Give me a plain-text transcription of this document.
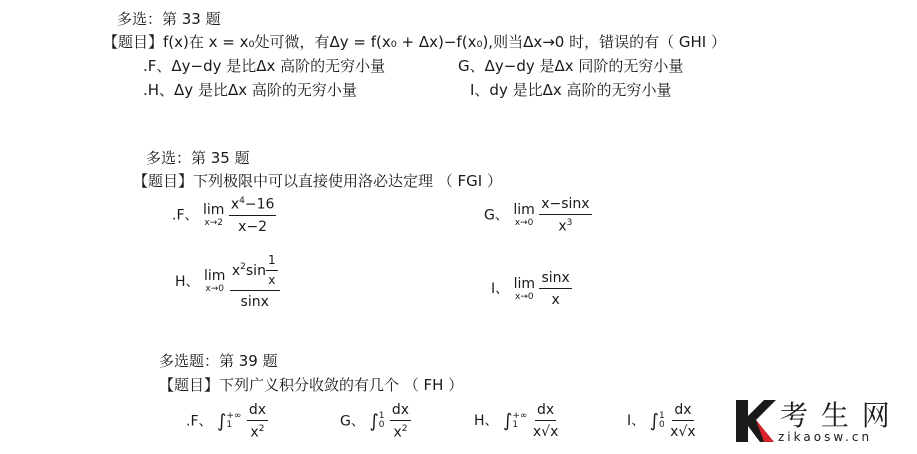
多选：第 33 题
【题目】f(x)在 x = x₀处可微，有Δy = f(x₀ + Δx)−f(x₀),则当Δx→0 时，错误的有（ GHI ）
.F、Δy−dy 是比Δx 高阶的无穷小量	G、Δy−dy 是Δx 同阶的无穷小量
.H、Δy 是比Δx 高阶的无穷小量	I、dy 是比Δx 高阶的无穷小量
多选：第 35 题
【题目】下列极限中可以直接使用洛必达定理 （ FGI ）
.F、 lim
x→2
$\frac{x^4-16}{x-2}$	G、 lim
x→0
$\frac{x-\sin x}{x^3}$
H、 lim
x→0
$\frac{x^2\sin \frac{1}{x}}{\sin x}$	I、 lim
x→0
$\frac{\sin x}{x}$
多选题：第 39 题
【题目】下列广义积分收敛的有几个 （ FH ）
.F、 ∫ +∞
1
	$\frac{dx}{x^2}$	G、 ∫ 1
0
$\frac{dx}{x^2}$	H、 ∫ +∞
1
	$\frac{dx}{x√x}$	I、 ∫ 1
0
$\frac{dx}{x√x}$	考 生 网
zikaosw.cn
